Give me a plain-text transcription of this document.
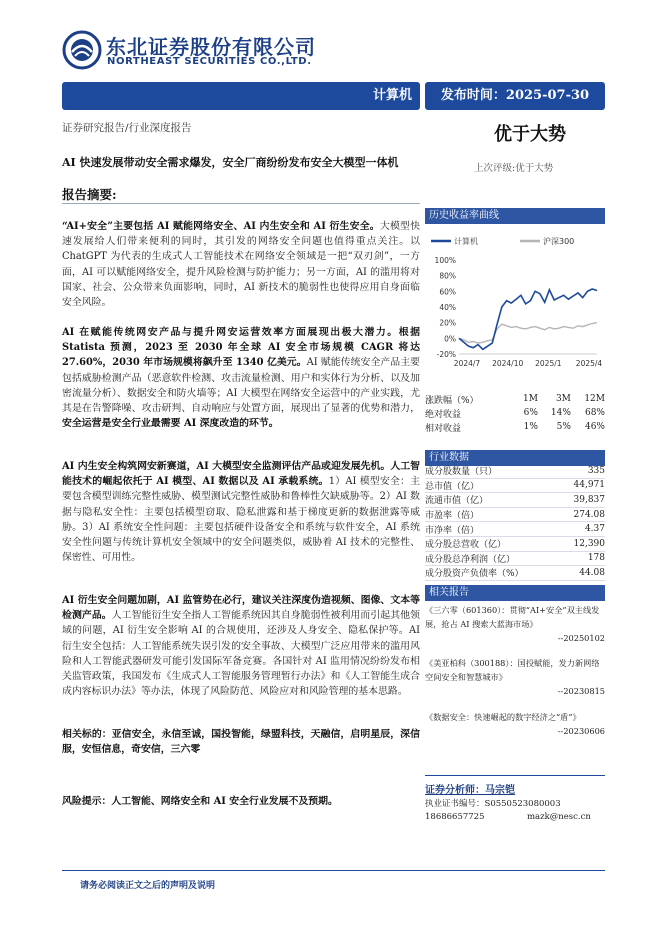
东北证券股份有限公司
NORTHEAST SECURITIES CO.,LTD.
计算机	发布时间：2025-07-30
证券研究报告/行业深度报告	优于大势
上次评级:优于大势
AI 快速发展带动安全需求爆发，安全厂商纷纷发布安全大模型一体机
报告摘要:
“AI+安全”主要包括 AI 赋能网络安全、AI 内生安全和 AI 衍生安全。大模型快速发展给人们带来便利的同时，其引发的网络安全问题也值得重点关注。以 ChatGPT 为代表的生成式人工智能技术在网络安全领域是一把“双刃剑”，一方面，AI 可以赋能网络安全，提升风险检测与防护能力；另一方面，AI 的滥用将对国家、社会、公众带来负面影响，同时，AI 新技术的脆弱性也使得应用自身面临安全风险。
AI 在赋能传统网安产品与提升网安运营效率方面展现出极大潜力。根据 Statista 预测，2023 至 2030 年全球 AI 安全市场规模 CAGR 将达 27.60%，2030 年市场规模将飙升至 1340 亿美元。AI 赋能传统安全产品主要包括威胁检测产品（恶意软件检测、攻击流量检测、用户和实体行为分析、以及加密流量分析）、数据安全和防火墙等；AI 大模型在网络安全运营中的产业实践，尤其是在告警降噪、攻击研判、自动响应与处置方面，展现出了显著的优势和潜力，安全运营是安全行业最需要 AI 深度改造的环节。
AI 内生安全构筑网安新赛道，AI 大模型安全监测评估产品或迎发展先机。人工智能技术的崛起依托于 AI 模型、AI 数据以及 AI 承载系统。1）AI 模型安全：主要包含模型训练完整性威胁、模型测试完整性威胁和鲁棒性欠缺威胁等。2）AI 数据与隐私安全性：主要包括模型窃取、隐私泄露和基于梯度更新的数据泄露等威胁。3）AI 系统安全性问题：主要包括硬件设备安全和系统与软件安全，AI 系统安全性问题与传统计算机安全领域中的安全问题类似，威胁着 AI 技术的完整性、保密性、可用性。
AI 衍生安全问题加剧，AI 监管势在必行，建议关注深度伪造视频、图像、文本等检测产品。人工智能衍生安全指人工智能系统因其自身脆弱性被利用而引起其他领域的问题，AI 衍生安全影响 AI 的合规使用，还涉及人身安全、隐私保护等。AI 衍生安全包括：人工智能系统失误引发的安全事故、大模型广泛应用带来的滥用风险和人工智能武器研发可能引发国际军备竞赛。各国针对 AI 监用情况纷纷发布相关监管政策，我国发布《生成式人工智能服务管理暂行办法》和《人工智能生成合成内容标识办法》等办法，体现了风险防范、风险应对和风险管理的基本思路。
相关标的：亚信安全，永信至诚，国投智能，绿盟科技，天融信，启明星辰，深信服，安恒信息，奇安信，三六零
风险提示：人工智能、网络安全和 AI 安全行业发展不及预期。
历史收益率曲线
计算机	沪深300
100%
80%
60%
40%
20%
0%
-20%
2024/7 2024/10 2025/1 2025/4
涨跌幅（%）	1M	3M	12M
绝对收益	6%	14%	68%
相对收益	1%	5%	46%
行业数据
成分股数量（只）	335
总市值（亿）	44,971
流通市值（亿）	39,837
市盈率（倍）	274.08
市净率（倍）	4.37
成分股总营收（亿）	12,390
成分股总净利润（亿）	178
成分股资产负债率（%）	44.08
相关报告
《三六零（601360）：贯彻“AI+安全”双主线发展，抢占 AI 搜索大蓝海市场》
--20250102
《美亚柏科（300188）：国投赋能，发力新网络空间安全和智慧城市》
--20230815
《数据安全：快速崛起的数字经济之“盾”》
--20230606
证券分析师：马宗铠
执业证书编号：S0550523080003
18686657725	mazk@nesc.cn
请务必阅读正文之后的声明及说明
